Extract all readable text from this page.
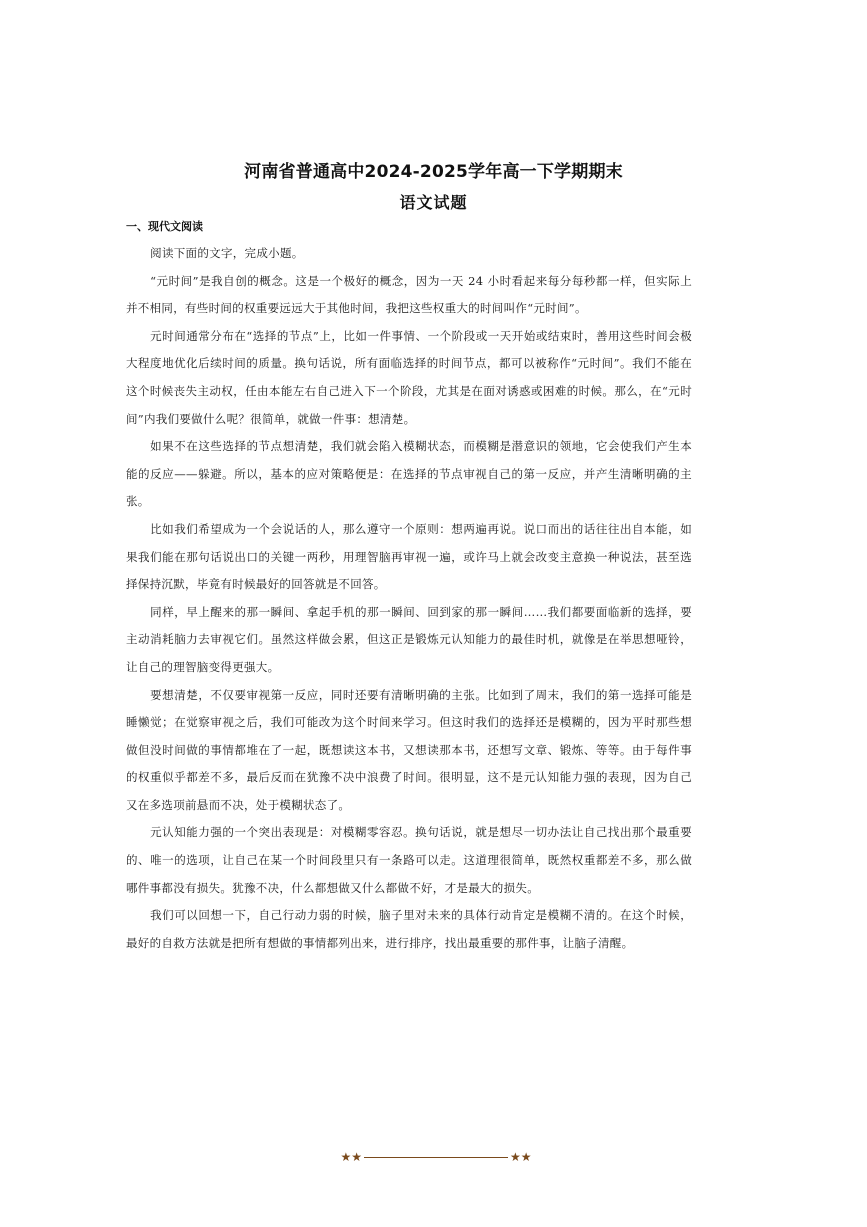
河南省普通高中2024-2025学年高一下学期期末
语文试题
一、现代文阅读

阅读下面的文字，完成小题。

“元时间”是我自创的概念。这是一个极好的概念，因为一天 24 小时看起来每分每秒都一样，但实际上并不相同，有些时间的权重要远远大于其他时间，我把这些权重大的时间叫作“元时间”。

元时间通常分布在“选择的节点”上，比如一件事情、一个阶段或一天开始或结束时，善用这些时间会极大程度地优化后续时间的质量。换句话说，所有面临选择的时间节点，都可以被称作“元时间”。我们不能在这个时候丧失主动权，任由本能左右自己进入下一个阶段，尤其是在面对诱惑或困难的时候。那么，在“元时间”内我们要做什么呢？很简单，就做一件事：想清楚。

如果不在这些选择的节点想清楚，我们就会陷入模糊状态，而模糊是潜意识的领地，它会使我们产生本能的反应——躲避。所以，基本的应对策略便是：在选择的节点审视自己的第一反应，并产生清晰明确的主张。

比如我们希望成为一个会说话的人，那么遵守一个原则：想两遍再说。说口而出的话往往出自本能，如果我们能在那句话说出口的关键一两秒，用理智脑再审视一遍，或许马上就会改变主意换一种说法，甚至选择保持沉默，毕竟有时候最好的回答就是不回答。

同样，早上醒来的那一瞬间、拿起手机的那一瞬间、回到家的那一瞬间……我们都要面临新的选择，要主动消耗脑力去审视它们。虽然这样做会累，但这正是锻炼元认知能力的最佳时机，就像是在举思想哑铃，让自己的理智脑变得更强大。

要想清楚，不仅要审视第一反应，同时还要有清晰明确的主张。比如到了周末，我们的第一选择可能是睡懒觉；在觉察审视之后，我们可能改为这个时间来学习。但这时我们的选择还是模糊的，因为平时那些想做但没时间做的事情都堆在了一起，既想读这本书，又想读那本书，还想写文章、锻炼、等等。由于每件事的权重似乎都差不多，最后反而在犹豫不决中浪费了时间。很明显，这不是元认知能力强的表现，因为自己又在多选项前悬而不决，处于模糊状态了。

元认知能力强的一个突出表现是：对模糊零容忍。换句话说，就是想尽一切办法让自己找出那个最重要的、唯一的选项，让自己在某一个时间段里只有一条路可以走。这道理很简单，既然权重都差不多，那么做哪件事都没有损失。犹豫不决，什么都想做又什么都做不好，才是最大的损失。

我们可以回想一下，自己行动力弱的时候，脑子里对未来的具体行动肯定是模糊不清的。在这个时候，最好的自救方法就是把所有想做的事情都列出来，进行排序，找出最重要的那件事，让脑子清醒。

★★	★★
